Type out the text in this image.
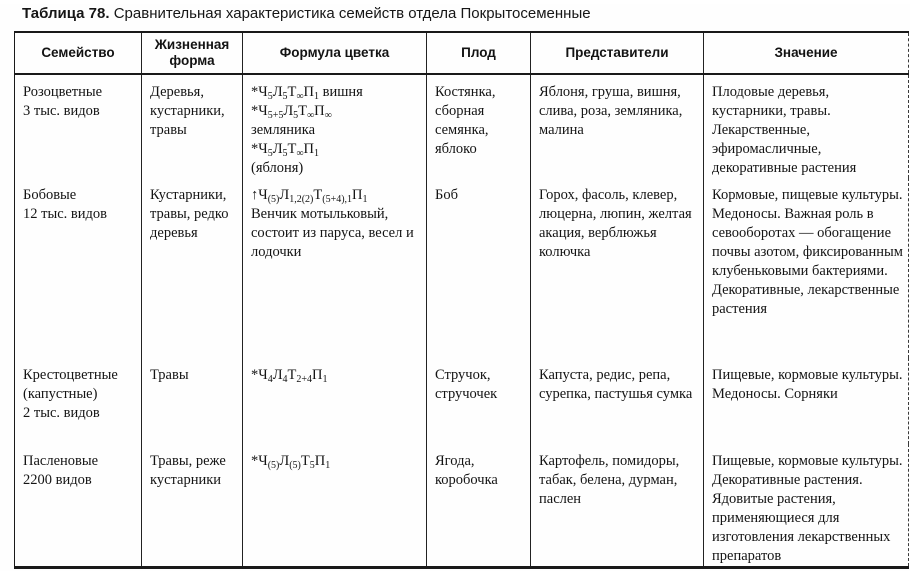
Таблица 78. Сравнительная характеристика семейств отдела Покрытосеменные
Семейство	Жизненная форма	Формула цветка	Плод	Представители	Значение

Розоцветные
3 тыс. видов
	Деревья, кустарники, травы	
$*Ч_5Л_5Т_\infty П_1$ вишня
$*Ч_{5+5}Л_5Т_\infty П_\infty$
земляника
$*Ч_5Л_5Т_\infty П_1$
(яблоня)
	Костянка, сборная семянка, яблоко	Яблоня, груша, вишня, слива, роза, земляника, малина	Плодовые деревья, кустарники, травы. Лекарственные, эфиромасличные, декоративные растения

Бобовые
12 тыс. видов
	Кустарники, травы, редко деревья	
$↑Ч_{(5)}Л_{1,2(2)}Т_{(5+4),1}П_1$
Венчик мотыльковый, состоит из паруса, весел и лодочки
	Боб	Горох, фасоль, клевер, люцерна, люпин, желтая акация, верблюжья колючка	Кормовые, пищевые культуры. Медоносы. Важная роль в севооборотах — обогащение почвы азотом, фиксированным клубеньковыми бактериями. Декоративные, лекарственные растения

Крестоцветные (капустные)
2 тыс. видов	Травы	$*Ч_4Л_4Т_{2+4}П_1$	Стручок, стручочек	Капуста, редис, репа, сурепка, пастушья сумка	Пищевые, кормовые культуры. Медоносы. Сорняки

Пасленовые
2200 видов	Травы, реже кустарники	$*Ч_{(5)}Л_{(5)}Т_5П_1$	Ягода, коробочка	Картофель, помидоры, табак, белена, дурман, паслен	Пищевые, кормовые культуры. Декоративные растения. Ядовитые растения, применяющиеся для изготовления лекарственных препаратов
